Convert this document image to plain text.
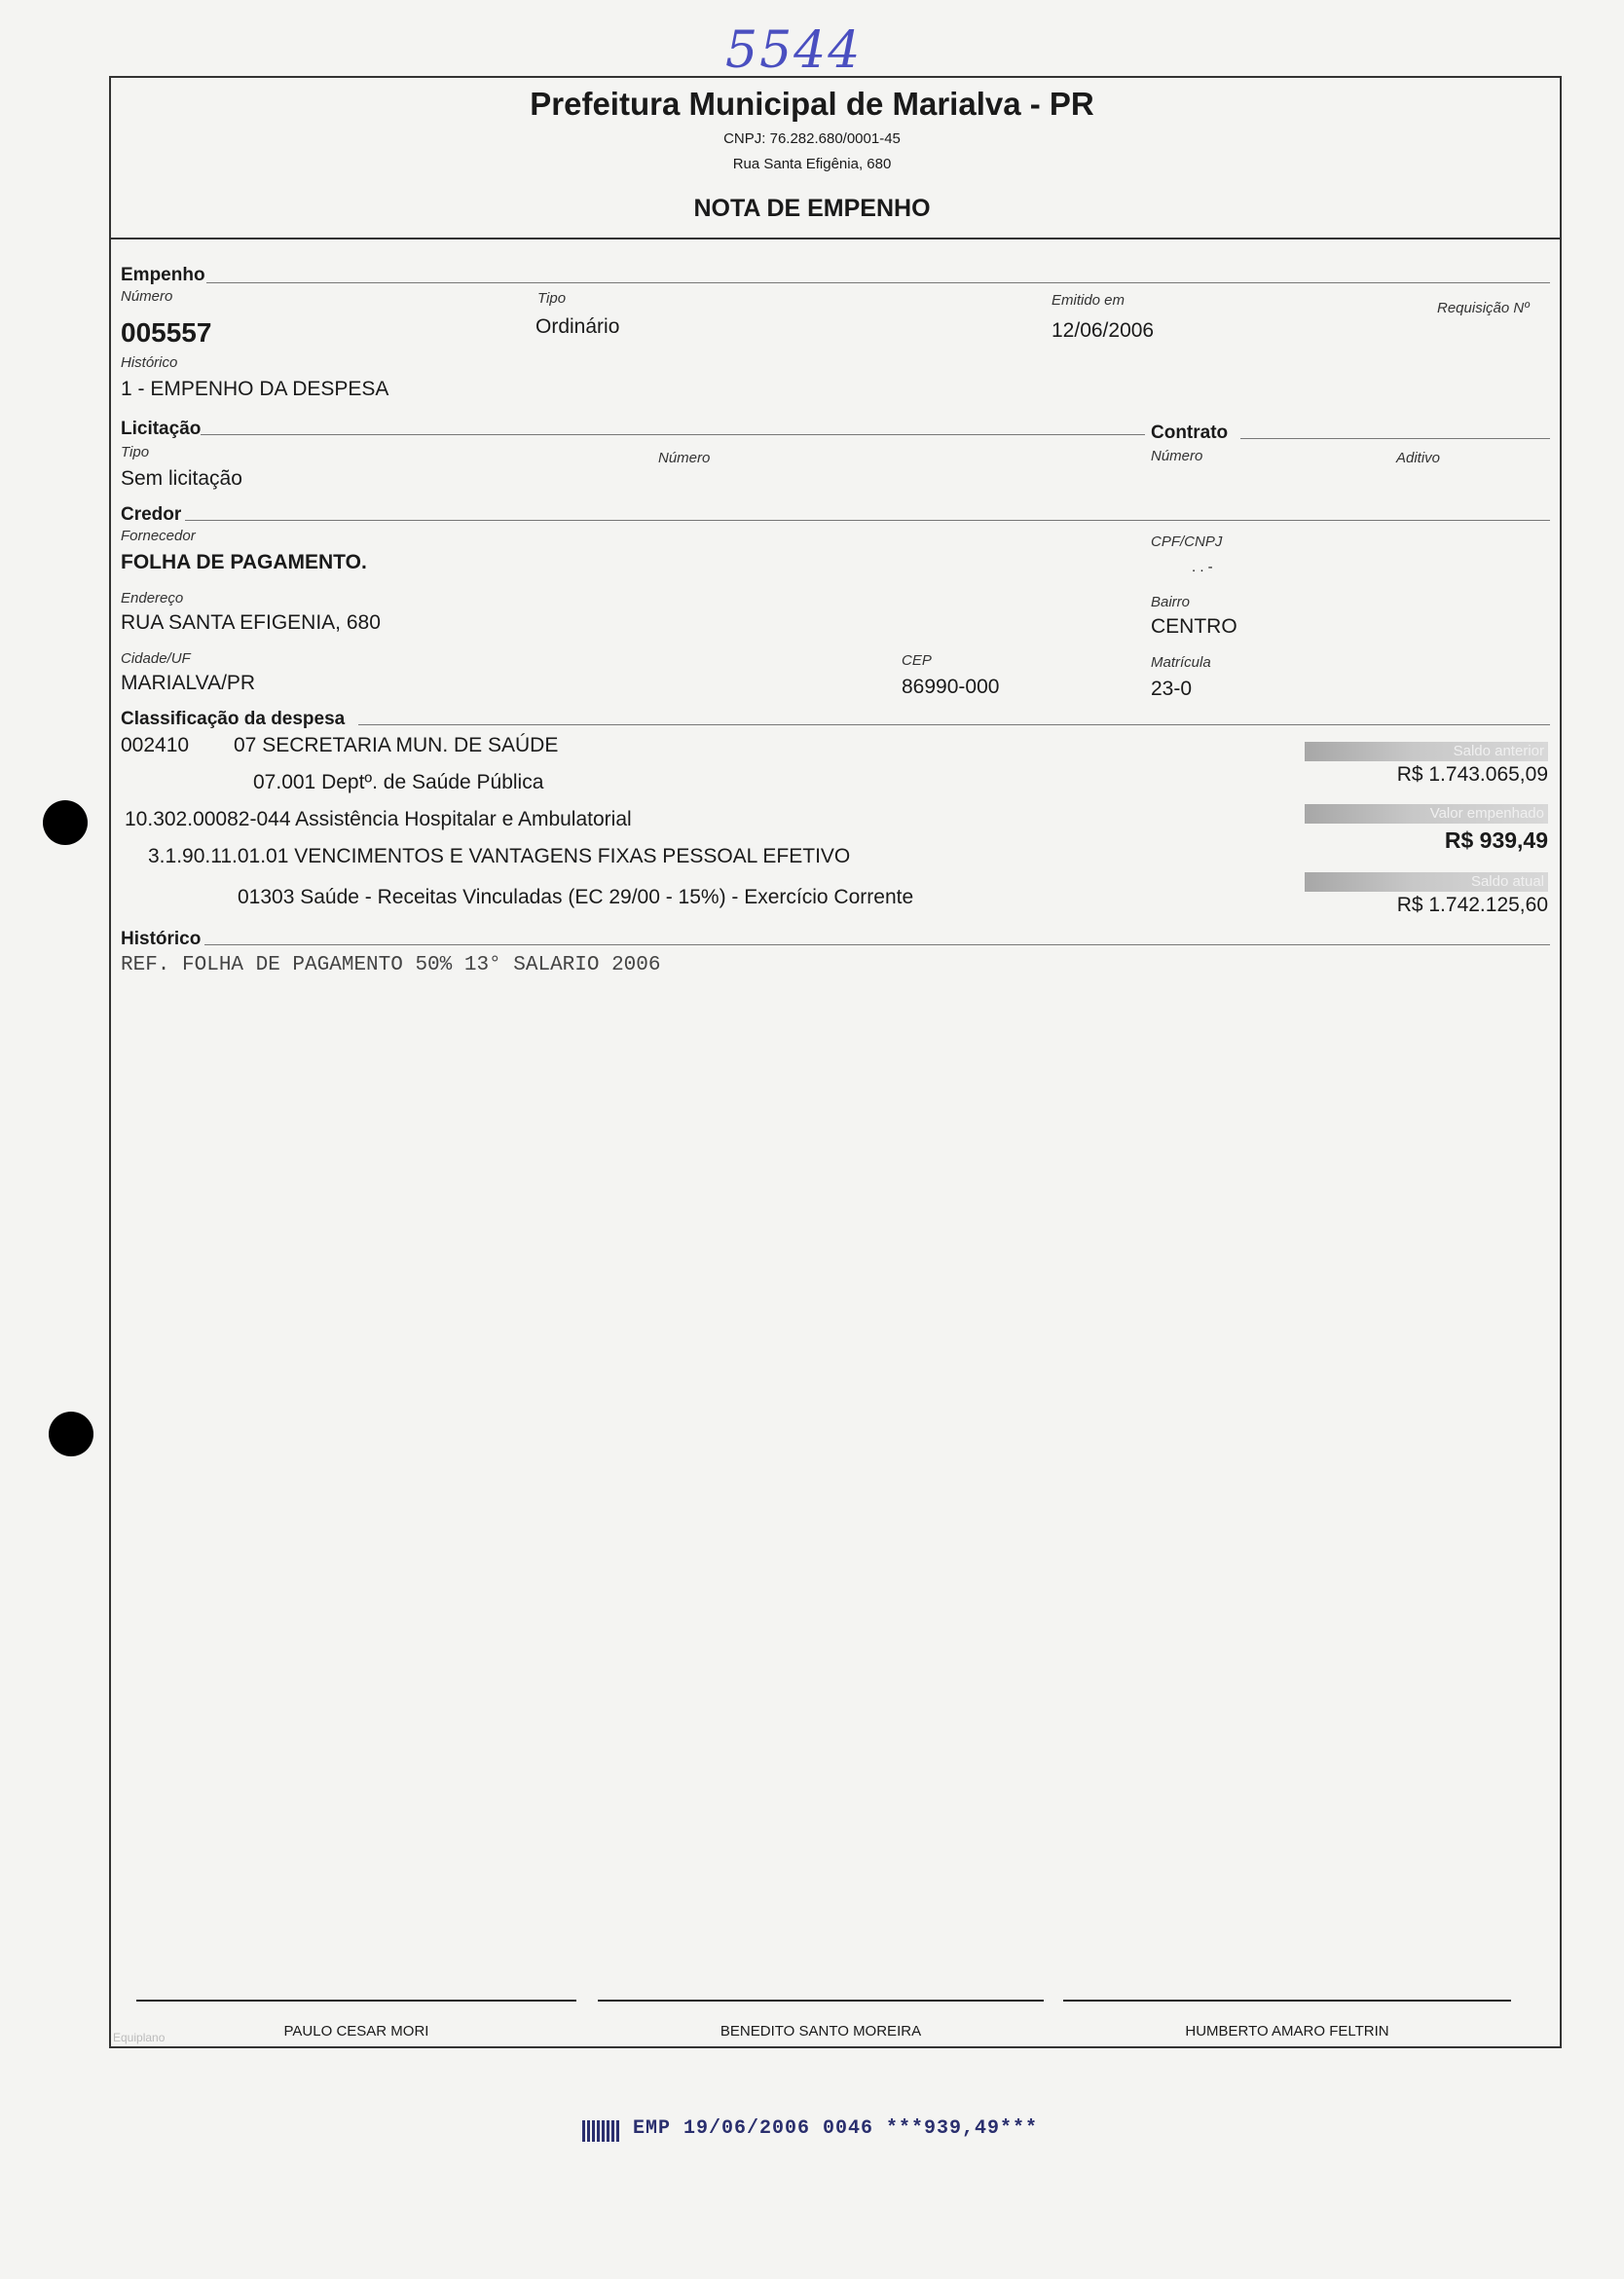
5544
Prefeitura Municipal de Marialva - PR
CNPJ: 76.282.680/0001-45
Rua Santa Efigênia, 680
NOTA DE EMPENHO
Empenho
Número
005557
Tipo
Ordinário
Emitido em
12/06/2006
Requisição Nº
Histórico
1 - EMPENHO DA DESPESA
Licitação	Contrato
Tipo
Sem licitação
Número	Número	Aditivo
Credor
Fornecedor
FOLHA DE PAGAMENTO.
CPF/CNPJ
. . -
Endereço
RUA SANTA EFIGENIA, 680
Bairro
CENTRO
Cidade/UF
MARIALVA/PR
CEP
86990-000
Matrícula
23-0
Classificação da despesa
002410 07 SECRETARIA MUN. DE SAÚDE
07.001 Deptº. de Saúde Pública
10.302.00082-044 Assistência Hospitalar e Ambulatorial
3.1.90.11.01.01 VENCIMENTOS E VANTAGENS FIXAS PESSOAL EFETIVO
01303 Saúde - Receitas Vinculadas (EC 29/00 - 15%) - Exercício Corrente
Saldo anterior
R$ 1.743.065,09
Valor empenhado
R$ 939,49
Saldo atual
R$ 1.742.125,60
Histórico
REF. FOLHA DE PAGAMENTO 50% 13° SALARIO 2006
PAULO CESAR MORI	BENEDITO SANTO MOREIRA	HUMBERTO AMARO FELTRIN
Equiplano
EMP 19/06/2006 0046 ***939,49***
